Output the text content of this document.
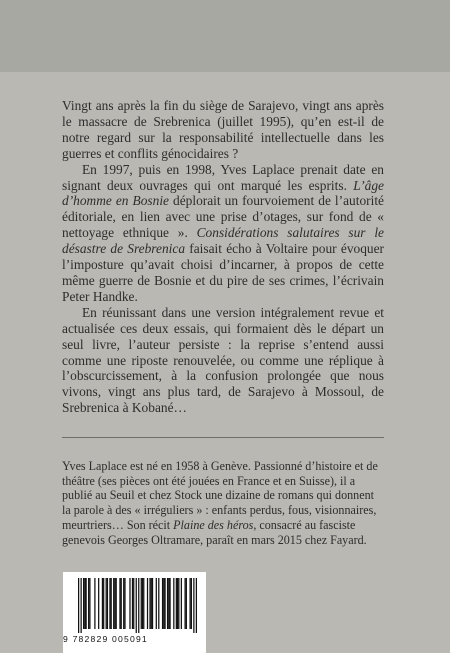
Vingt ans après la fin du siège de Sarajevo, vingt ans après le massacre de Srebrenica (juillet 1995), qu’en est-il de notre regard sur la responsabilité intellectuelle dans les guerres et conflits génocidaires ?

En 1997, puis en 1998, Yves Laplace prenait date en signant deux ouvrages qui ont marqué les esprits. L’âge d’homme en Bosnie déplorait un fourvoiement de l’autorité éditoriale, en lien avec une prise d’otages, sur fond de « nettoyage ethnique ». Considérations salutaires sur le désastre de Srebrenica faisait écho à Voltaire pour évoquer l’imposture qu’avait choisi d’incarner, à propos de cette même guerre de Bosnie et du pire de ses crimes, l’écrivain Peter Handke.

En réunissant dans une version intégralement revue et actualisée ces deux essais, qui formaient dès le départ un seul livre, l’auteur persiste : la reprise s’entend aussi comme une riposte renouvelée, ou comme une réplique à l’obscurcissement, à la confusion prolongée que nous vivons, vingt ans plus tard, de Sarajevo à Mossoul, de Srebrenica à Kobané…

Yves Laplace est né en 1958 à Genève. Passionné d’histoire et de théâtre (ses pièces ont été jouées en France et en Suisse), il a publié au Seuil et chez Stock une dizaine de romans qui donnent la parole à des « irréguliers » : enfants perdus, fous, visionnaires, meurtriers… Son récit Plaine des héros, consacré au fasciste genevois Georges Oltramare, paraît en mars 2015 chez Fayard.

9 782829 005091
